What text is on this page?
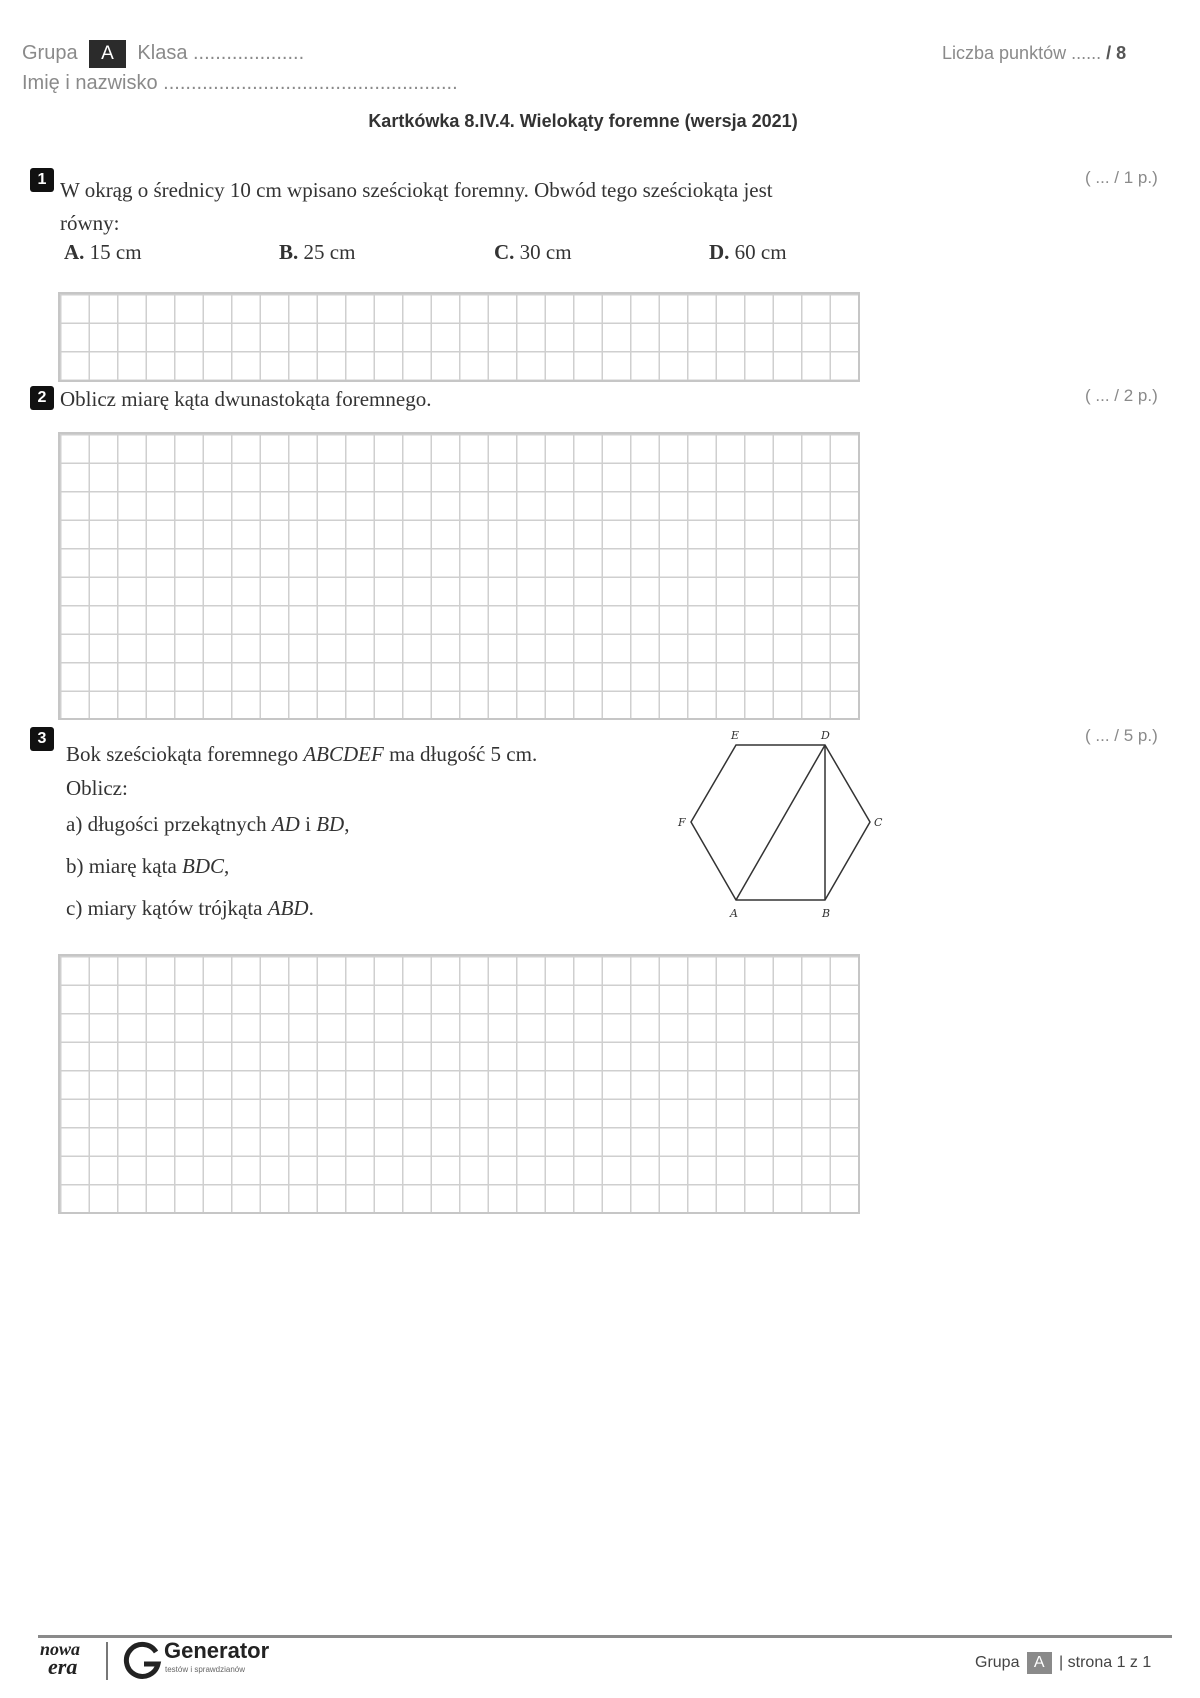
Grupa A Klasa ....................
Imię i nazwisko .....................................................
Liczba punktów ...... / 8
Kartkówka 8.IV.4. Wielokąty foremne (wersja 2021)
1	( ... / 1 p.)
W okrąg o średnicy 10 cm wpisano sześciokąt foremny. Obwód tego sześciokąta jest
równy:
A. 15 cm	B. 25 cm	C. 30 cm	D. 60 cm
2	( ... / 2 p.)
Oblicz miarę kąta dwunastokąta foremnego.
3	( ... / 5 p.)
Bok sześciokąta foremnego ABCDEF ma długość 5 cm.
Oblicz:
a) długości przekątnych AD i BD,
b) miarę kąta BDC,
c) miary kątów trójkąta ABD.	A	B
C
D
E
F
nowa
era
Generator
testów i sprawdzianów	Grupa A | strona 1 z 1
